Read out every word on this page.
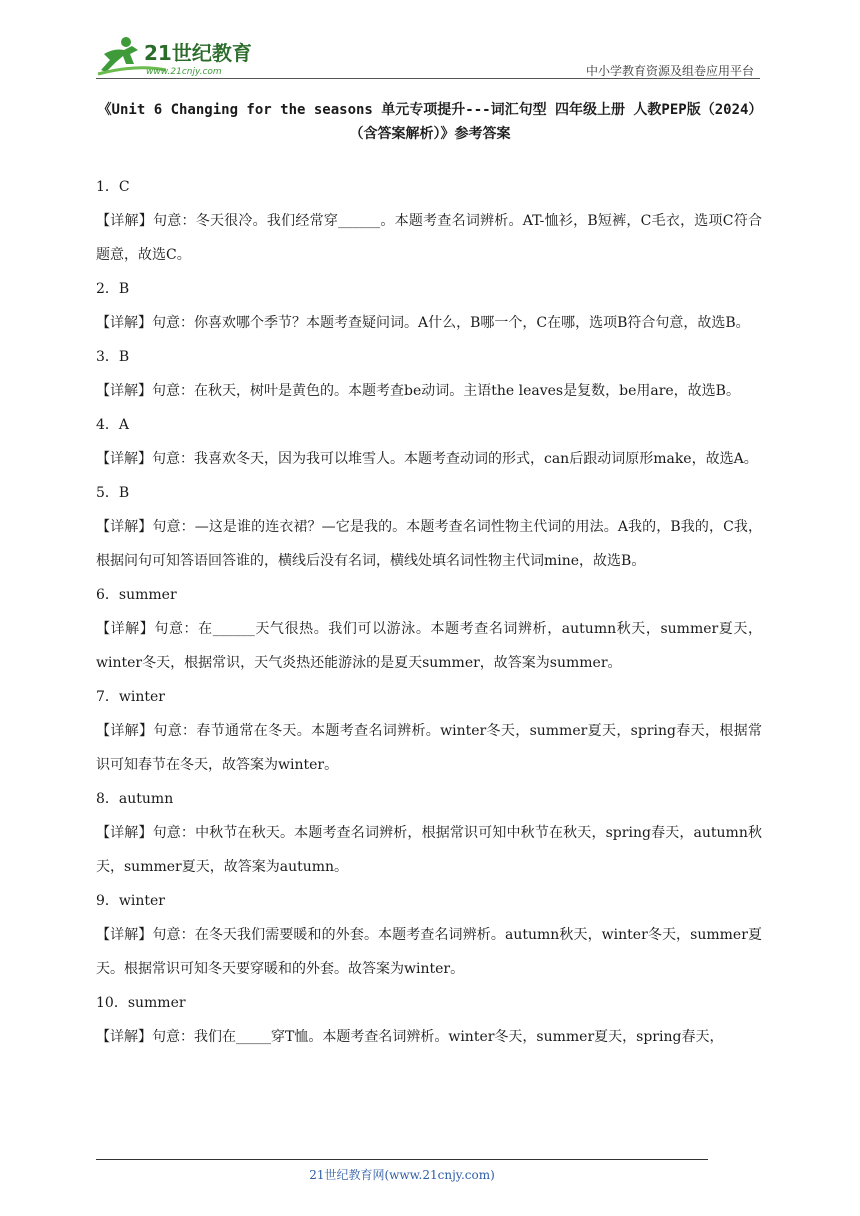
21世纪教育
www.21cnjy.com	中小学教育资源及组卷应用平台
《Unit 6 Changing for the seasons 单元专项提升---词汇句型 四年级上册 人教PEP版（2024）
（含答案解析）》参考答案

1．C

【详解】句意：冬天很冷。我们经常穿______。本题考查名词辨析。AT-恤衫，B短裤，C毛衣，选项C符合题意，故选C。

2．B

【详解】句意：你喜欢哪个季节？本题考查疑问词。A什么，B哪一个，C在哪，选项B符合句意，故选B。

3．B

【详解】句意：在秋天，树叶是黄色的。本题考查be动词。主语the leaves是复数，be用are，故选B。

4．A

【详解】句意：我喜欢冬天，因为我可以堆雪人。本题考查动词的形式，can后跟动词原形make，故选A。

5．B

【详解】句意：—这是谁的连衣裙？—它是我的。本题考查名词性物主代词的用法。A我的，B我的，C我，根据问句可知答语回答谁的，横线后没有名词，横线处填名词性物主代词mine，故选B。

6．summer

【详解】句意：在______天气很热。我们可以游泳。本题考查名词辨析，autumn秋天，summer夏天，winter冬天，根据常识，天气炎热还能游泳的是夏天summer，故答案为summer。

7．winter

【详解】句意：春节通常在冬天。本题考查名词辨析。winter冬天，summer夏天，spring春天，根据常识可知春节在冬天，故答案为winter。

8．autumn

【详解】句意：中秋节在秋天。本题考查名词辨析，根据常识可知中秋节在秋天，spring春天，autumn秋天，summer夏天，故答案为autumn。

9．winter

【详解】句意：在冬天我们需要暖和的外套。本题考查名词辨析。autumn秋天，winter冬天，summer夏天。根据常识可知冬天要穿暖和的外套。故答案为winter。

10．summer

【详解】句意：我们在_____穿T恤。本题考查名词辨析。winter冬天，summer夏天，spring春天，

21世纪教育网(www.21cnjy.com)
